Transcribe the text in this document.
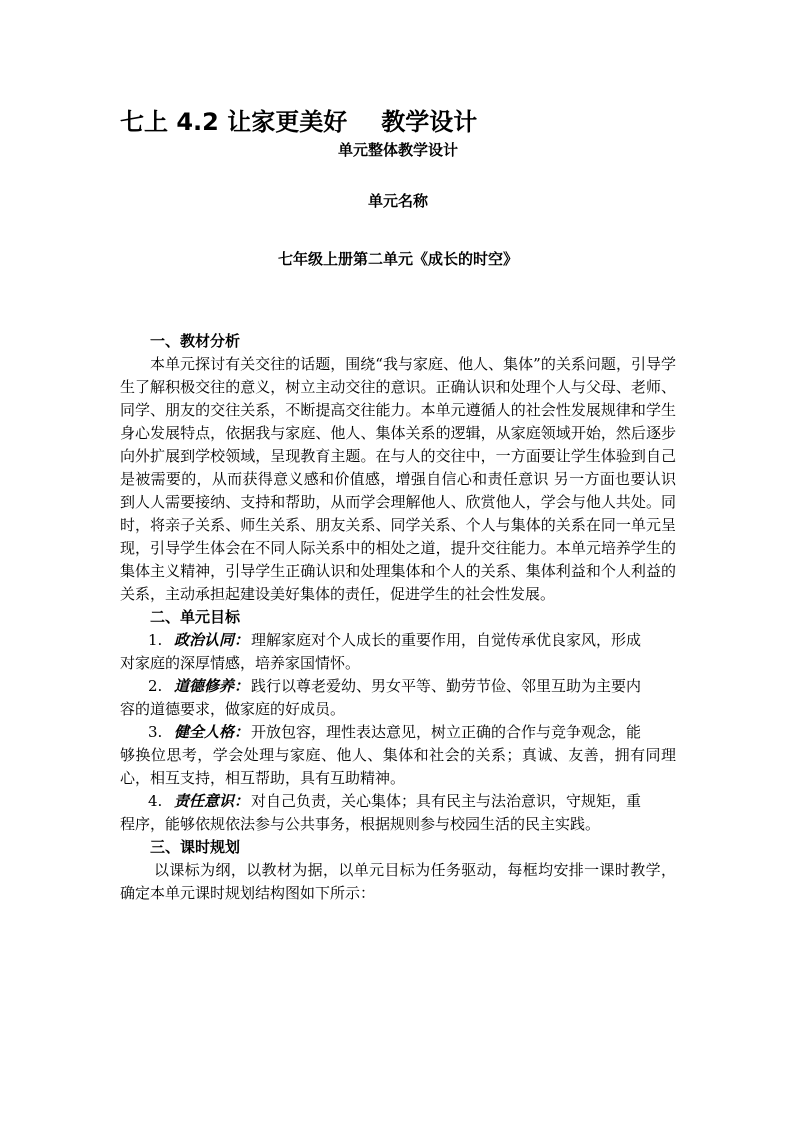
七上 4.2 让家更美好 教学设计
单元整体教学设计
单元名称
七年级上册第二单元《成长的时空》
一、教材分析

本单元探讨有关交往的话题，围绕“我与家庭、他人、集体”的关系问题，引导学生了解积极交往的意义，树立主动交往的意识。正确认识和处理个人与父母、老师、同学、朋友的交往关系，不断提高交往能力。本单元遵循人的社会性发展规律和学生身心发展特点，依据我与家庭、他人、集体关系的逻辑，从家庭领域开始，然后逐步向外扩展到学校领域，呈现教育主题。在与人的交往中，一方面要让学生体验到自己是被需要的，从而获得意义感和价值感，增强自信心和责任意识 另一方面也要认识到人人需要接纳、支持和帮助，从而学会理解他人、欣赏他人，学会与他人共处。同时，将亲子关系、师生关系、朋友关系、同学关系、个人与集体的关系在同一单元呈现，引导学生体会在不同人际关系中的相处之道，提升交往能力。本单元培养学生的集体主义精神，引导学生正确认识和处理集体和个人的关系、集体利益和个人利益的关系，主动承担起建设美好集体的责任，促进学生的社会性发展。

二、单元目标

1. 政治认同： 理解家庭对个人成长的重要作用，自觉传承优良家风，形成

对家庭的深厚情感，培养家国情怀。

2. 道德修养： 践行以尊老爱幼、男女平等、勤劳节俭、邻里互助为主要内

容的道德要求，做家庭的好成员。

3. 健全人格： 开放包容，理性表达意见，树立正确的合作与竞争观念，能

够换位思考，学会处理与家庭、他人、集体和社会的关系；真诚、友善，拥有同理心，相互支持，相互帮助，具有互助精神。

4. 责任意识： 对自己负责，关心集体；具有民主与法治意识，守规矩，重

程序，能够依规依法参与公共事务，根据规则参与校园生活的民主实践。

三、课时规划

以课标为纲，以教材为据，以单元目标为任务驱动，每框均安排一课时教学，确定本单元课时规划结构图如下所示：
